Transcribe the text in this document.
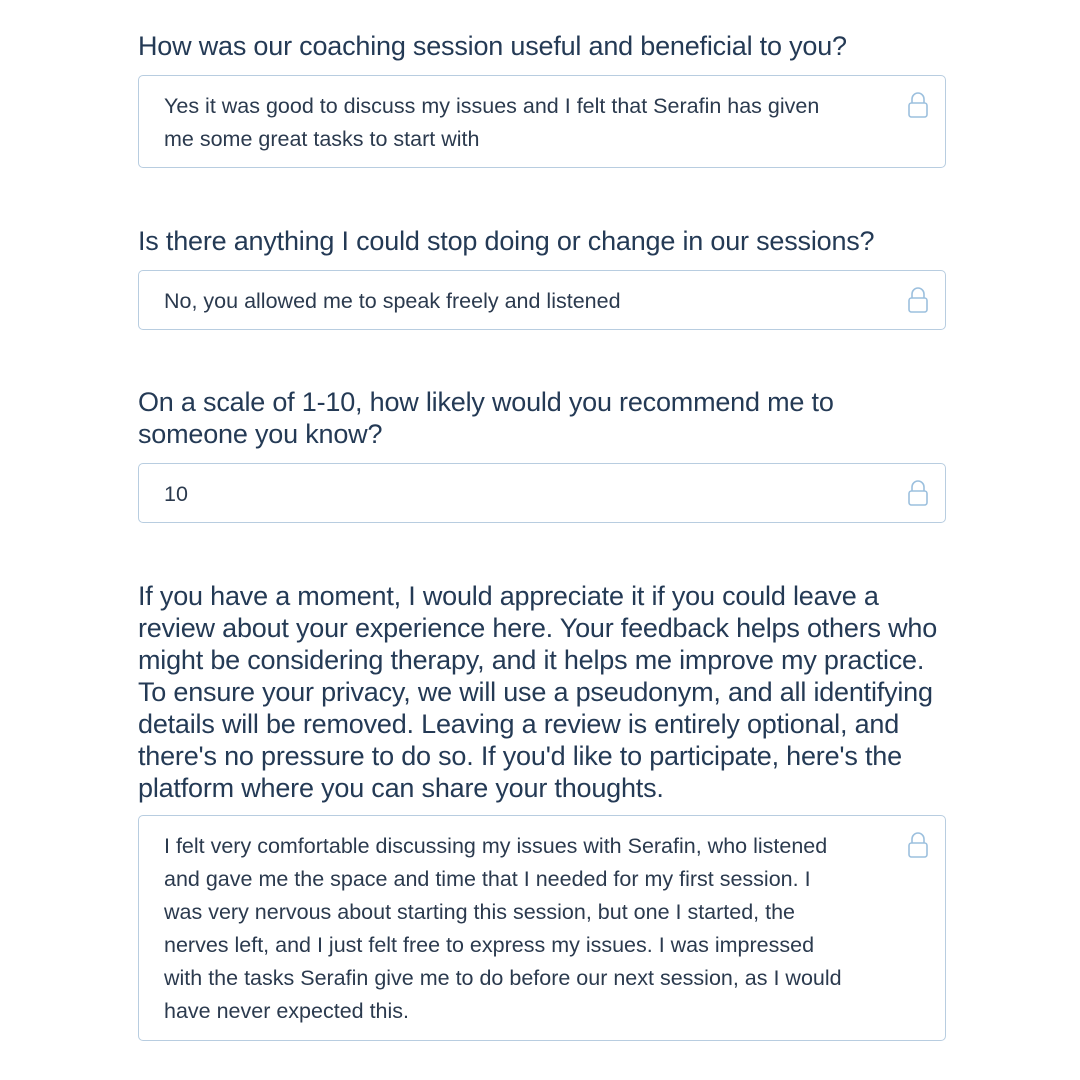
How was our coaching session useful and beneficial to you?

Yes it was good to discuss my issues and I felt that Serafin has given
me some great tasks to start with

Is there anything I could stop doing or change in our sessions?

No, you allowed me to speak freely and listened

On a scale of 1-10, how likely would you recommend me to
someone you know?

10

If you have a moment, I would appreciate it if you could leave a
review about your experience here. Your feedback helps others who
might be considering therapy, and it helps me improve my practice.
To ensure your privacy, we will use a pseudonym, and all identifying
details will be removed. Leaving a review is entirely optional, and
there's no pressure to do so. If you'd like to participate, here's the
platform where you can share your thoughts.

I felt very comfortable discussing my issues with Serafin, who listened
and gave me the space and time that I needed for my first session. I
was very nervous about starting this session, but one I started, the
nerves left, and I just felt free to express my issues. I was impressed
with the tasks Serafin give me to do before our next session, as I would
have never expected this.
